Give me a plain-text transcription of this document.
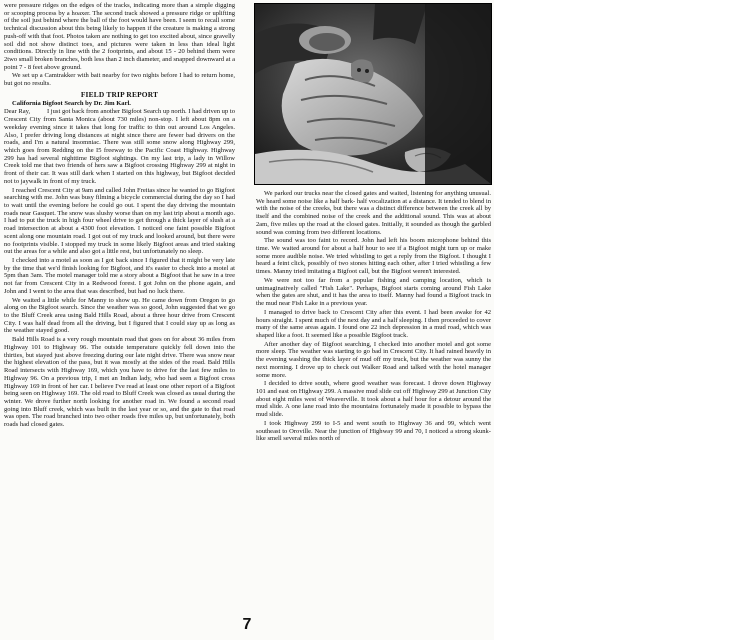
were pressure ridges on the edges of the tracks, indicating more than a simple digging or scooping process by a hoaxer. The second track showed a pressure ridge or uplifting of the soil just behind where the ball of the foot would have been. I seem to recall some technical discussion about this being likely to happen if the creature is making a strong push-off with that foot. Photos taken are nothing to get too excited about, since gravelly soil did not show distinct toes, and pictures were taken in less than ideal light conditions. Directly in line with the 2 footprints, and about 15 - 20 behind them were 2two small broken branches, both less than 2 inch diameter, and snapped downward at a point 7 - 8 feet above ground.

We set up a Camtrakker with bait nearby for two nights before I had to return home, but got no results.

FIELD TRIP REPORT

California Bigfoot Search by Dr. Jim Karl.

Dear Ray,          I just got back from another Bigfoot Search up north. I had driven up to Crescent City from Santa Monica (about 730 miles) non-stop. I left about 8pm on a weekday evening since it takes that long for traffic to thin out around Los Angeles. Also, I prefer driving long distances at night since there are fewer bad drivers on the roads, and I'm a natural insomniac. There was still some snow along Highway 299, which goes from Redding on the I5 freeway to the Pacific Coast Highway. Highway 299 has had several nighttime Bigfoot sightings. On my last trip, a lady in Willow Creek told me that two friends of hers saw a Bigfoot crossing Highway 299 at night in front of their car. It was still dark when I started on this highway, but Bigfoot decided not to jaywalk in front of my truck.

I reached Crescent City at 9am and called John Freitas since he wanted to go Bigfoot searching with me. John was busy filming a bicycle commercial during the day so I had to wait until the evening before he could go out. I spent the day driving the mountain roads near Gasquet. The snow was slushy worse than on my last trip about a month ago. I had to put the truck in high four wheel drive to get through a thick layer of slush at a road intersection at about a 4300 foot elevation. I noticed one faint possible Bigfoot scent along one mountain road. I got out of my truck and looked around, but there were no footprints visible. I stopped my truck in some likely Bigfoot areas and tried staking out the areas for a while and also got a little rest, but unfortunately no sleep.

I checked into a motel as soon as I got back since I figured that it might be very late by the time that we'd finish looking for Bigfoot, and it's easier to check into a motel at 5pm than 3am. The motel manager told me a story about a Bigfoot that he saw in a tree not far from Crescent City in a Redwood forest. I got John on the phone again, and John and I went to the area that was described, but had no luck there.

We waited a little while for Manny to show up. He came down from Oregon to go along on the Bigfoot search. Since the weather was so good, John suggested that we go to the Bluff Creek area using Bald Hills Road, about a three hour drive from Crescent City. I was half dead from all the driving, but I figured that I could stay up as long as the weather stayed good.

Bald Hills Road is a very rough mountain road that goes on for about 36 miles from Highway 101 to Highway 96. The outside temperature quickly fell down into the thirties, but stayed just above freezing during our late night drive. There was snow near the highest elevation of the pass, but it was mostly at the sides of the road. Bald Hills Road intersects with Highway 169, which you have to drive for the last few miles to Highway 96. On a previous trip, I met an Indian lady, who had seen a Bigfoot cross Highway 169 in front of her car. I believe I've read at least one other report of a Bigfoot being seen on Highway 169. The old road to Bluff Creek was closed as usual during the winter. We drove further north looking for another road in. We found a second road going into Bluff creek, which was built in the last year or so, and the gate to that road was open. The road branched into two other roads five miles up, but unfortunately, both roads had closed gates.

"THE THING," 5' TALL, 3000 YEAR OLD,
AT DAIRY QUEEN, HY 10, AZ, LOOKS
LIKE A MUMMY. BY CARMEN SIPE
NOTE BABY. VACATION, MAR 2000

We parked our trucks near the closed gates and waited, listening for anything unusual. We heard some noise like a half bark- half vocalization at a distance. It tended to blend in with the noise of the creeks, but there was a distinct difference between the creek all by itself and the combined noise of the creek and the additional sound. This was at about 2am, five miles up the road at the closed gates. Initially, it sounded as though the garbled sound was coming from two different locations.

The sound was too faint to record. John had left his boom microphone behind this time. We waited around for about a half hour to see if a Bigfoot might turn up or make some more audible noise. We tried whistling to get a reply from the Bigfoot. I thought I heard a feint click, possibly of two stones hitting each other, after I tried whistling a few times. Manny tried imitating a Bigfoot call, but the Bigfoot weren't interested.

We were not too far from a popular fishing and camping location, which is unimaginatively called "Fish Lake". Perhaps, Bigfoot starts coming around Fish Lake when the gates are shut, and it has the area to itself. Manny had found a Bigfoot track in the mud near Fish Lake in a previous year.

I managed to drive back to Crescent City after this event. I had been awake for 42 hours straight. I spent much of the next day and a half sleeping. I then proceeded to cover many of the same areas again. I found one 22 inch depression in a mud road, which was shaped like a foot. It seemed like a possible Bigfoot track.

After another day of Bigfoot searching, I checked into another motel and got some more sleep. The weather was starting to go bad in Crescent City. It had rained heavily in the evening washing the thick layer of mud off my truck, but the weather was sunny the next morning. I drove up to check out Walker Road and talked with the hotel manager some more.

I decided to drive south, where good weather was forecast. I drove down Highway 101 and east on Highway 299. A massive mud slide cut off Highway 299 at Junction City about eight miles west of Weaverville. It took about a half hour for a detour around the mud slide. A one lane road into the mountains fortunately made it possible to bypass the mud slide.

I took Highway 299 to I-5 and went south to Highway 36 and 99, which went southeast to Oroville. Near the junction of Highway 99 and 70, I noticed a strong skunk-like smell several miles north of

7
